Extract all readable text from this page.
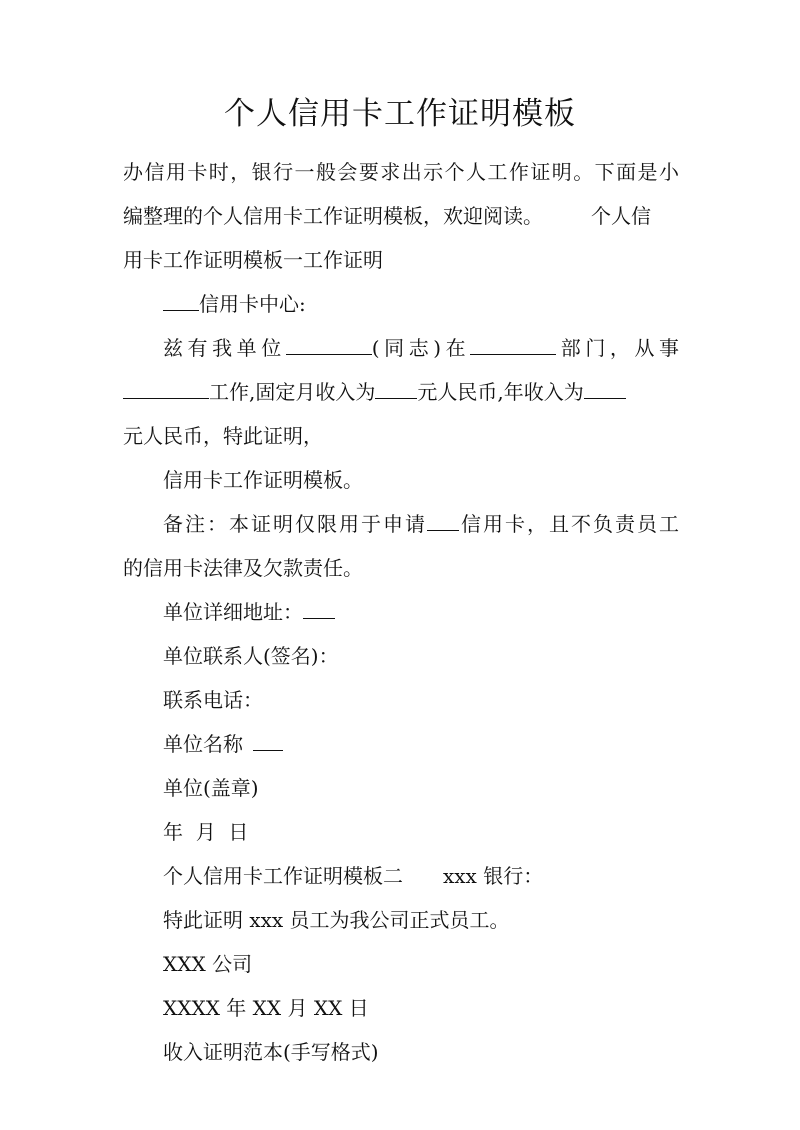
个人信用卡工作证明模板
办信用卡时，银行一般会要求出示个人工作证明。下面是小
编整理的个人信用卡工作证明模板，欢迎阅读。 个人信
用卡工作证明模板一工作证明
信用卡中心:
兹有我单位	(同志)在	部门，从事
工作,固定月收入为 元人民币,年收入为
元人民币，特此证明，
信用卡工作证明模板。
备注：本证明仅限用于申请 信用卡，且不负责员工
的信用卡法律及欠款责任。
单位详细地址：
单位联系人(签名)：
联系电话：
单位名称
单位(盖章)
年  月  日
个人信用卡工作证明模板二 xxx 银行：
特此证明 xxx 员工为我公司正式员工。
XXX 公司
XXXX 年 XX 月 XX 日
收入证明范本(手写格式)
